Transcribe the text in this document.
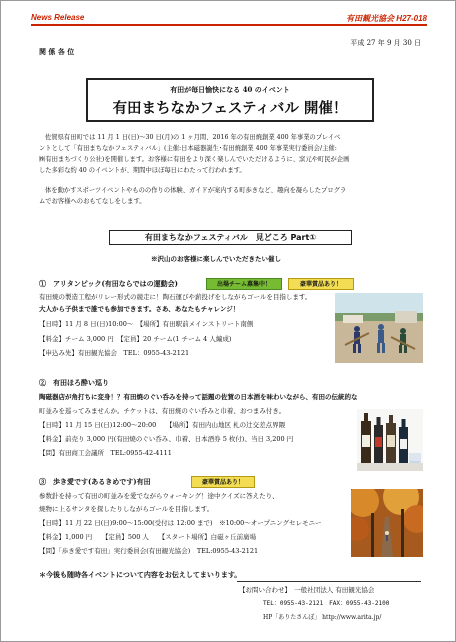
News Release	有田観光協会 H27-018
平成 27 年 9 月 30 日
関 係 各 位
有田が毎日愉快になる 40 のイベント
有田まちなかフェスティバル 開催！
佐賀県有田町では 11 月 1 日(日)～30 日(月)の 1 ヶ月間、2016 年の有田焼創業 400 年事業のプレイベ
ントとして「有田まちなかフェスティバル」(主催:日本磁器誕生･有田焼創業 400 年事業実行委員会/主催:
㈱有田まちづくり公社)を開催します。お客様に有田をより深く楽しんでいただけるように、窯元や町民が企画
した多彩な約 40 のイベントが、期間中ほぼ毎日にわたって行われます。
体を動かすスポーツイベントやものの作りの体験、ガイドが案内する町歩きなど、趣向を凝らしたプログラ
ムでお客様へのおもてなしをします。
有田まちなかフェスティバル　見どころ Part①
※沢山のお客様に楽しんでいただきたい催し
①　アリタンピック(有田ならではの運動会)	出場チーム募集中！	豪華賞品あり！
有田焼の製造工程がリレー形式の競走に！陶石運びや薪投げをしながらゴールを目指します。
大人から子供まで誰でも参加できます。さあ、あなたもチャレンジ！
【日時】11 月 8 日(日)10:00～　【場所】有田駅前メインストリート南側
【料金】チーム 3,000 円　【定員】20 チーム(1 チーム 4 人編成)
【申込み先】有田観光協会　TEL：0955-43-2121
②　有田ほろ酔い巡り
陶磁器店が角打ちに変身！？有田焼のぐい呑みを持って話題の佐賀の日本酒を味わいながら、有田の伝統的な
町並みを巡ってみませんか。チケットは、有田焼のぐい呑みと巾着、おつまみ付き。
【日時】11 月 15 日(日)12:00～20:00　　【場所】有田内山地区 札の辻交差点界隈
【料金】前売り 3,000 円(有田焼のぐい呑み、巾着、日本酒券 5 枚付)、当日 3,200 円
【問】有田商工会議所　TEL:0955-42-4111
③　歩き愛です(あるきめです)有田	豪華賞品あり！
参数針を持って有田の町並みを愛でながらウォーキング！途中クイズに答えたり、
焼物に上るサンタを探したりしながらゴールを目指します。
【日時】11 月 22 日(日)9:00～15:00(受付は 12:00 まで)　※10:00～オープニングセレモニー
【料金】1,000 円　　【定員】500 人　　【スタート場所】白磁ヶ丘前廣場
【問】「歩き愛です有田」実行委員会(有田観光協会)　TEL:0955-43-2121
＊今後も随時各イベントについて内容をお伝えしてまいります。
【お問い合わせ】　一般社団法人 有田観光協会
TEL：0955-43-2121　FAX：0955-43-2100
HP「ありたさんぽ」 http://www.arita.jp/
